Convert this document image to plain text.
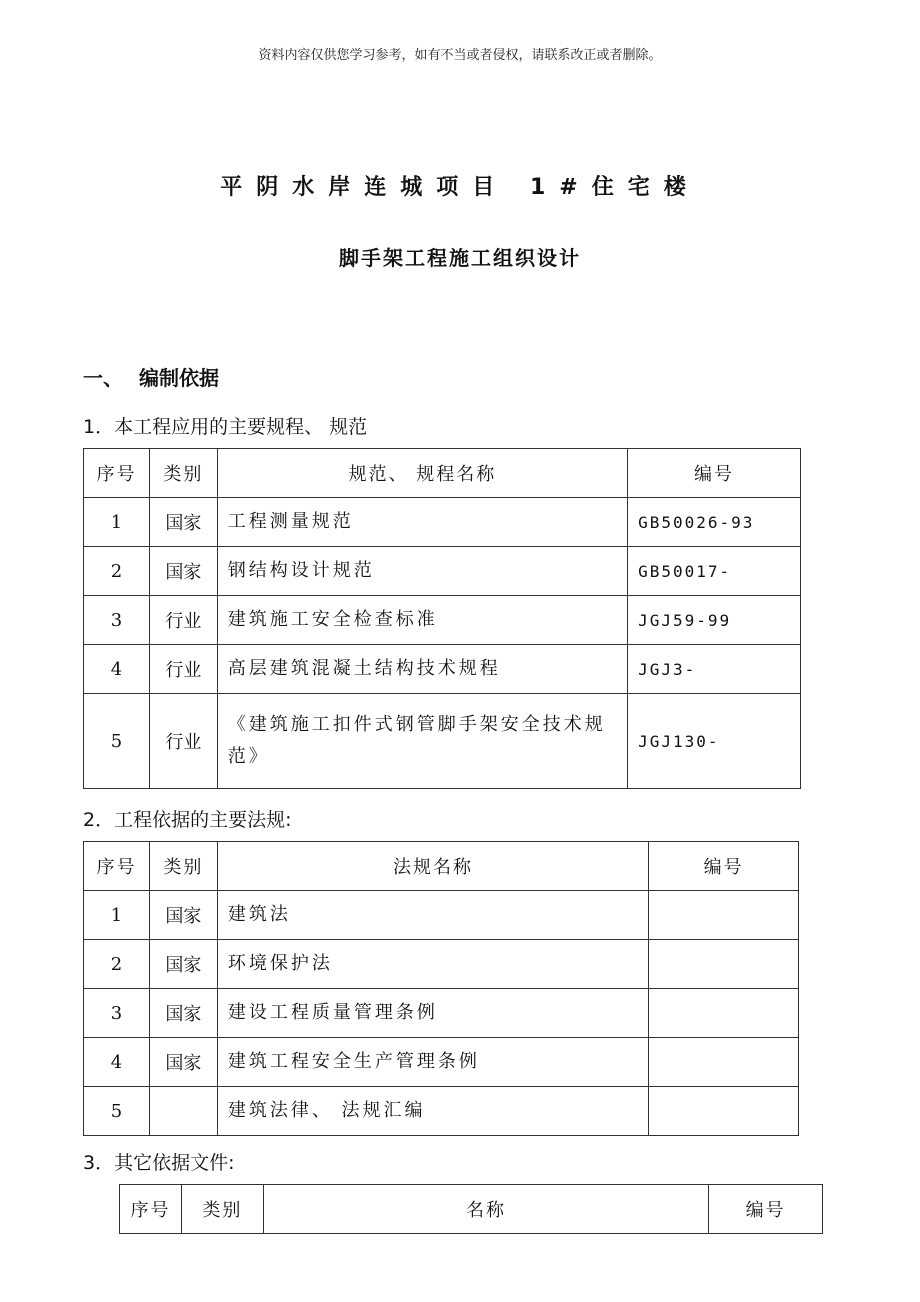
资料内容仅供您学习参考，如有不当或者侵权，请联系改正或者删除。
平阴水岸连城项目 1#住宅楼
脚手架工程施工组织设计
一、 编制依据
1．本工程应用的主要规程、 规范
序号	类别	规范、 规程名称	编号
1	国家	工程测量规范	GB50026-93
2	国家	钢结构设计规范	GB50017-
3	行业	建筑施工安全检查标准	JGJ59-99
4	行业	高层建筑混凝土结构技术规程	JGJ3-
5	行业	《建筑施工扣件式钢管脚手架安全技术规范》	JGJ130-
2．工程依据的主要法规:
序号	类别	法规名称	编号
1	国家	建筑法	
2	国家	环境保护法	
3	国家	建设工程质量管理条例	
4	国家	建筑工程安全生产管理条例	
5		建筑法律、 法规汇编	
3．其它依据文件:
序号	类别	名称	编号
